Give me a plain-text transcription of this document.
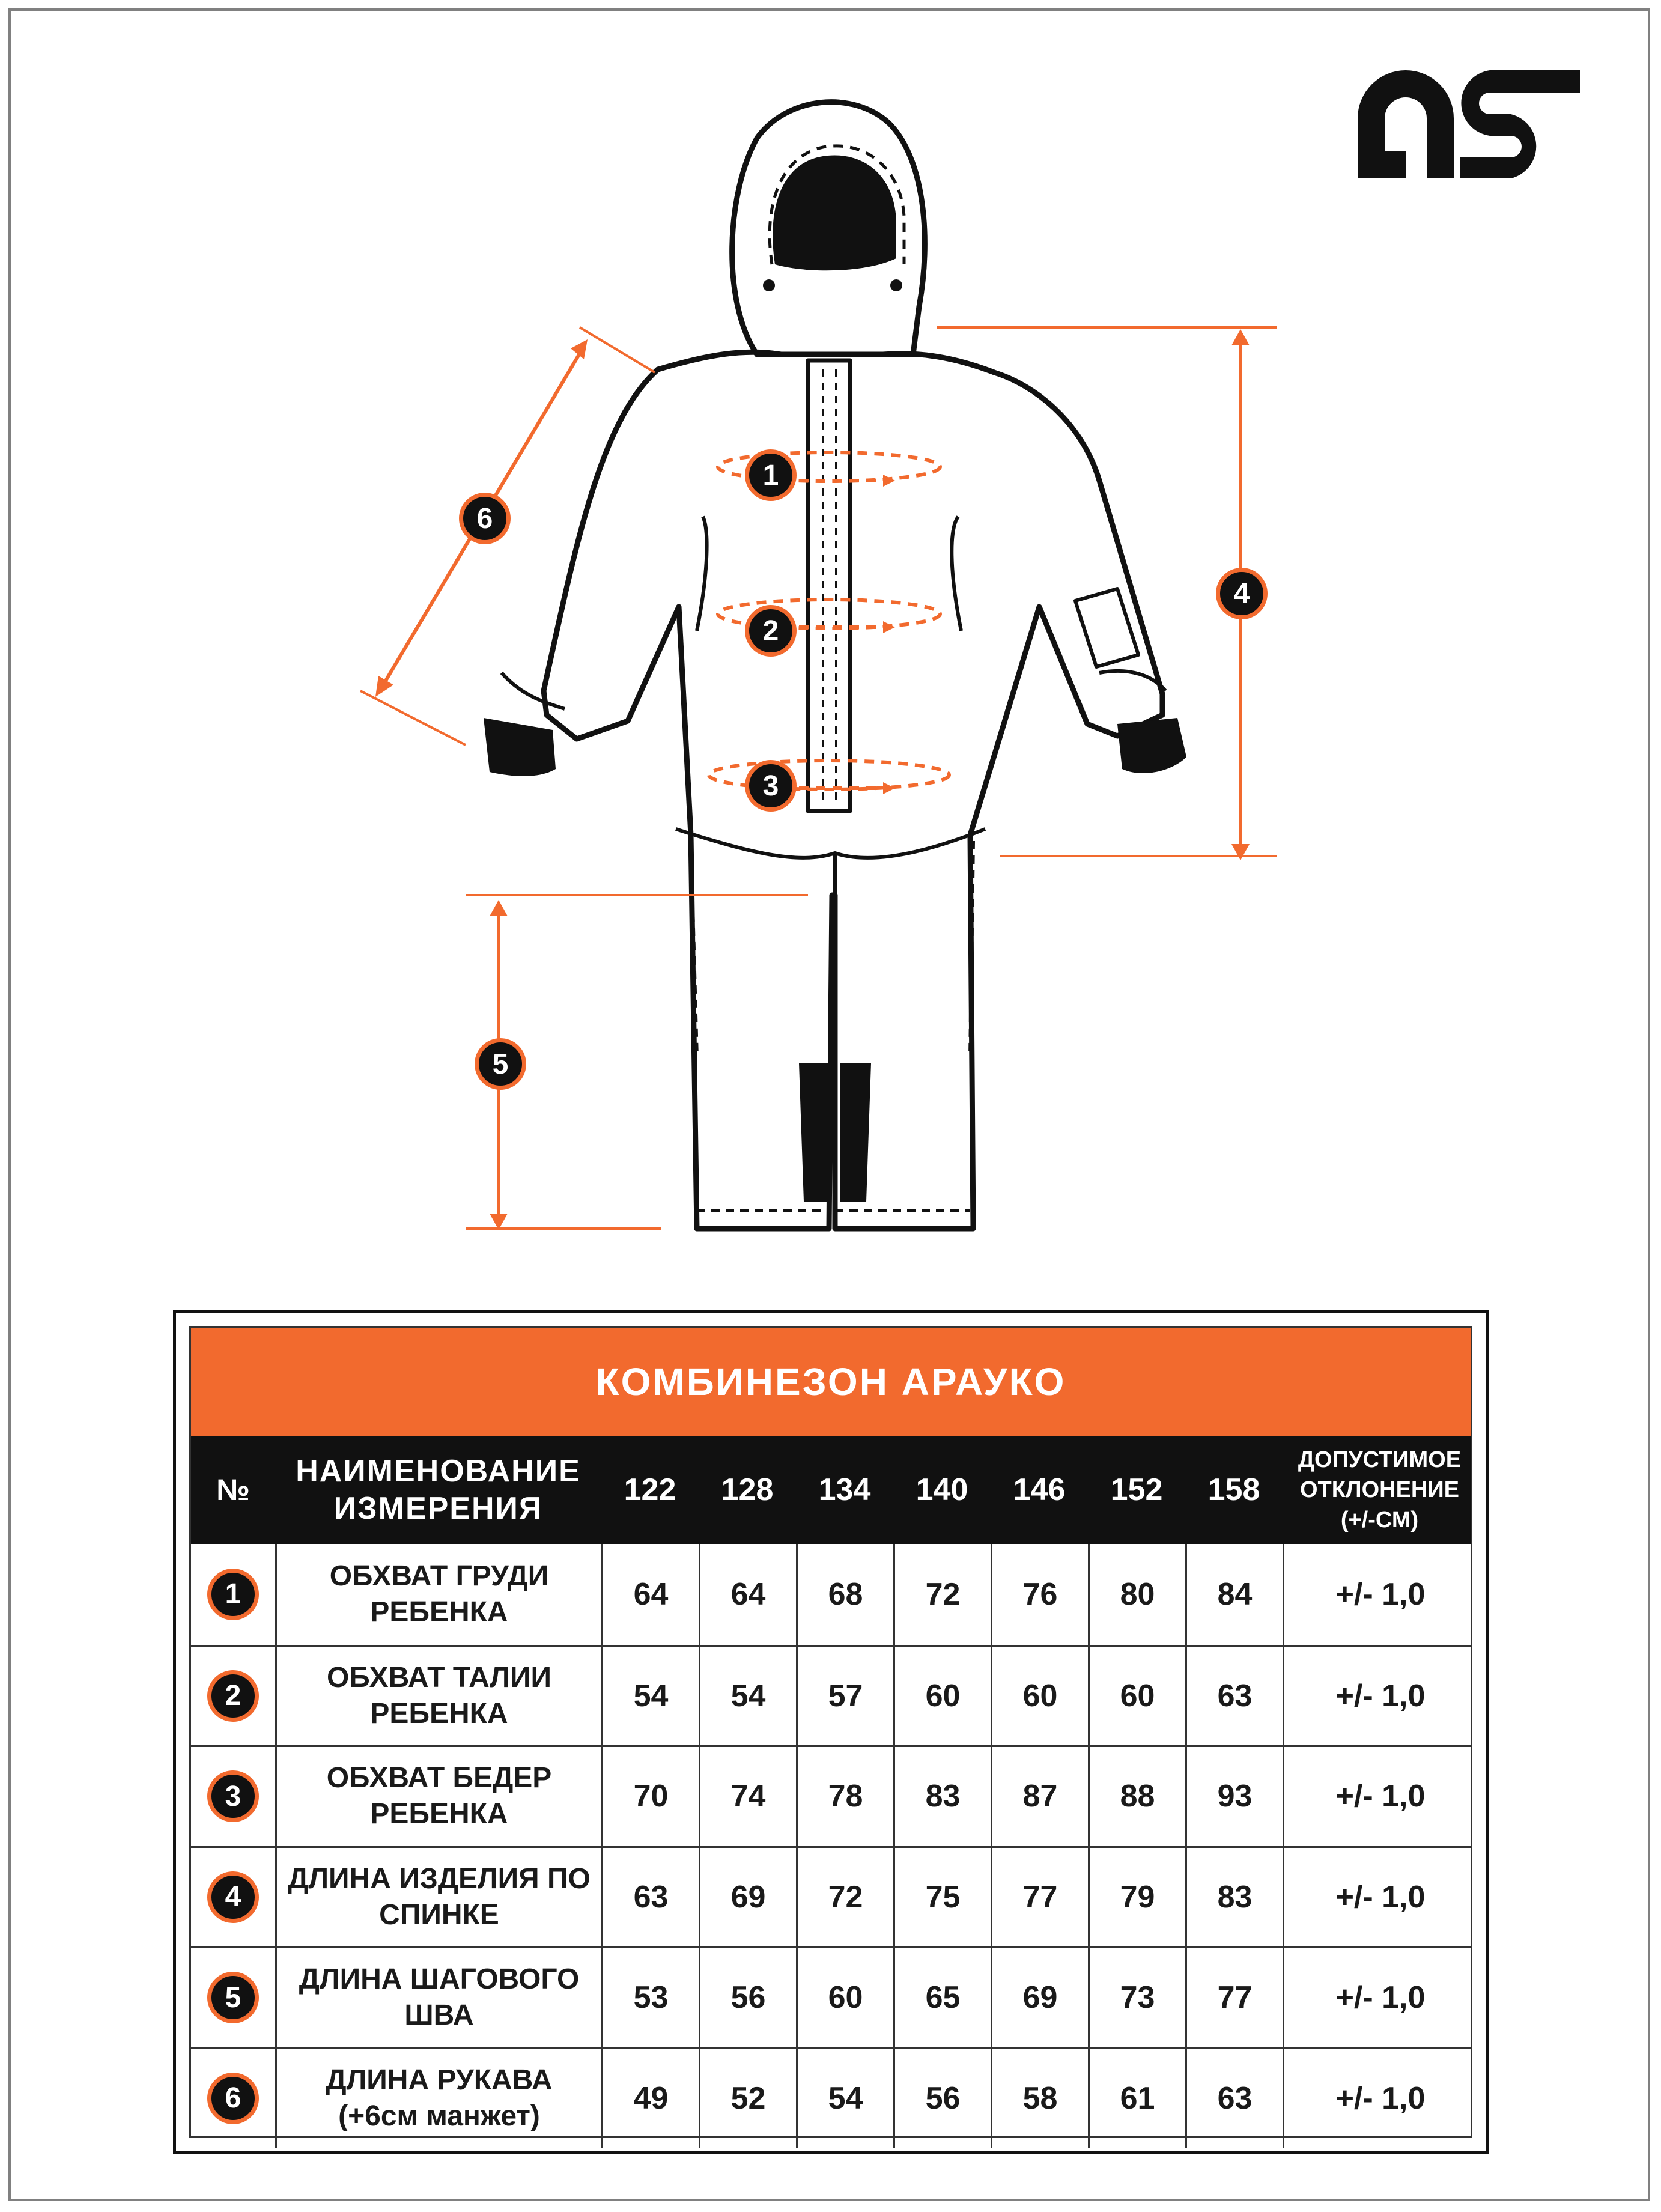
1
2
3
4
5
6
КОМБИНЕЗОН АРАУКО
№
НАИМЕНОВАНИЕ
ИЗМЕРЕНИЯ
122	128	134	140	146	152	158
ДОПУСТИМОЕ
ОТКЛОНЕНИЕ
(+/-СМ)
1
ОБХВАТ ГРУДИ
РЕБЕНКА
64	64	68	72	76	80	84	+/- 1,0
2
ОБХВАТ ТАЛИИ
РЕБЕНКА
54	54	57	60	60	60	63	+/- 1,0
3
ОБХВАТ БЕДЕР
РЕБЕНКА
70	74	78	83	87	88	93	+/- 1,0
4
ДЛИНА ИЗДЕЛИЯ ПО
СПИНКЕ
63	69	72	75	77	79	83	+/- 1,0
5
ДЛИНА ШАГОВОГО
ШВА
53	56	60	65	69	73	77	+/- 1,0
6
ДЛИНА РУКАВА
(+6см манжет)
49	52	54	56	58	61	63	+/- 1,0
